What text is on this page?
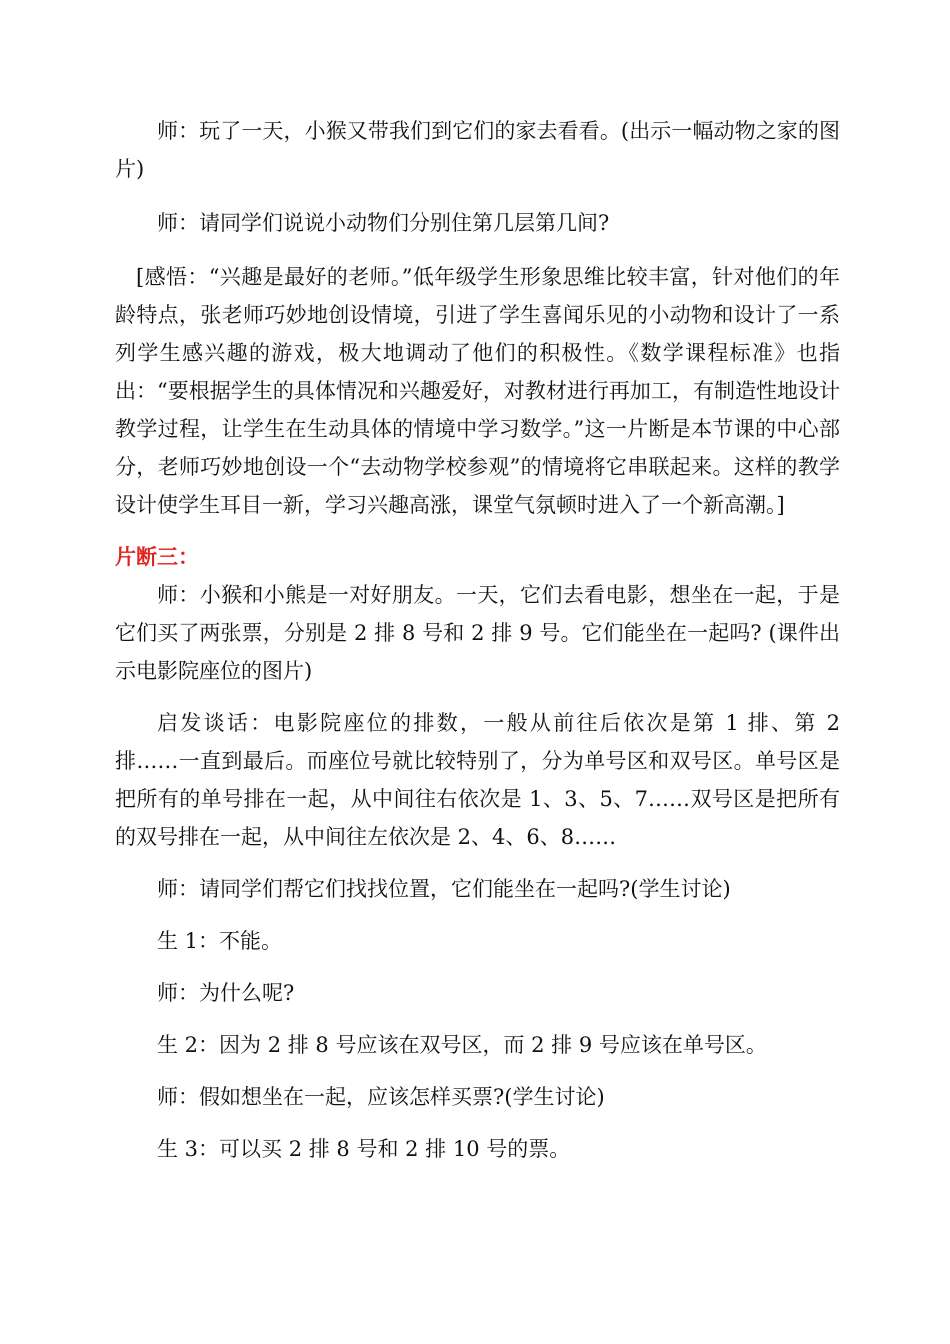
师：玩了一天，小猴又带我们到它们的家去看看。(出示一幅动物之家的图片)

师：请同学们说说小动物们分别住第几层第几间?

[感悟：“兴趣是最好的老师。”低年级学生形象思维比较丰富，针对他们的年龄特点，张老师巧妙地创设情境，引进了学生喜闻乐见的小动物和设计了一系列学生感兴趣的游戏，极大地调动了他们的积极性。《数学课程标准》也指出：“要根据学生的具体情况和兴趣爱好，对教材进行再加工，有制造性地设计教学过程，让学生在生动具体的情境中学习数学。”这一片断是本节课的中心部分，老师巧妙地创设一个“去动物学校参观”的情境将它串联起来。这样的教学设计使学生耳目一新，学习兴趣高涨，课堂气氛顿时进入了一个新高潮。]

片断三：

师：小猴和小熊是一对好朋友。一天，它们去看电影，想坐在一起，于是它们买了两张票，分别是 2 排 8 号和 2 排 9 号。它们能坐在一起吗? (课件出示电影院座位的图片)

启发谈话：电影院座位的排数，一般从前往后依次是第 1 排、第 2 排……一直到最后。而座位号就比较特别了，分为单号区和双号区。单号区是把所有的单号排在一起，从中间往右依次是 1、3、5、7……双号区是把所有的双号排在一起，从中间往左依次是 2、4、6、8……

师：请同学们帮它们找找位置，它们能坐在一起吗?(学生讨论)

生 1：不能。

师：为什么呢?

生 2：因为 2 排 8 号应该在双号区，而 2 排 9 号应该在单号区。

师：假如想坐在一起，应该怎样买票?(学生讨论)

生 3：可以买 2 排 8 号和 2 排 10 号的票。
